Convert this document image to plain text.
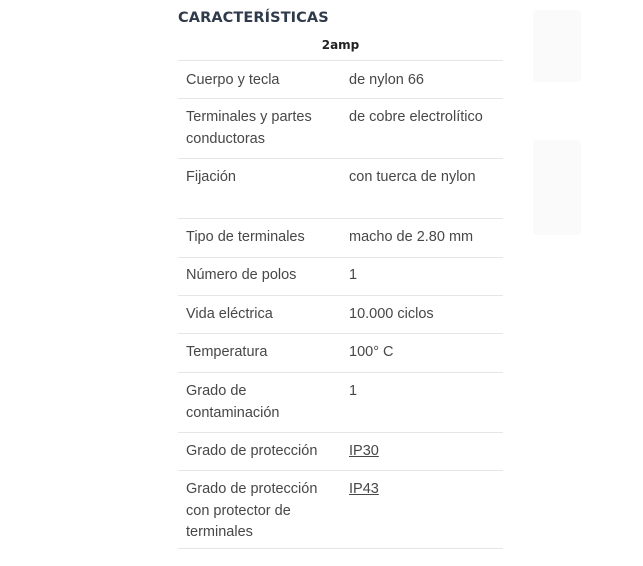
CARACTERÍSTICAS
2amp
Cuerpo y tecla	de nylon 66
Terminales y partes conductoras	de cobre electrolítico
Fijación	con tuerca de nylon
Tipo de terminales	macho de 2.80 mm
Número de polos	1
Vida eléctrica	10.000 ciclos
Temperatura	100° C
Grado de contaminación	1
Grado de protección	IP30
Grado de protección con protector de terminales	IP43
